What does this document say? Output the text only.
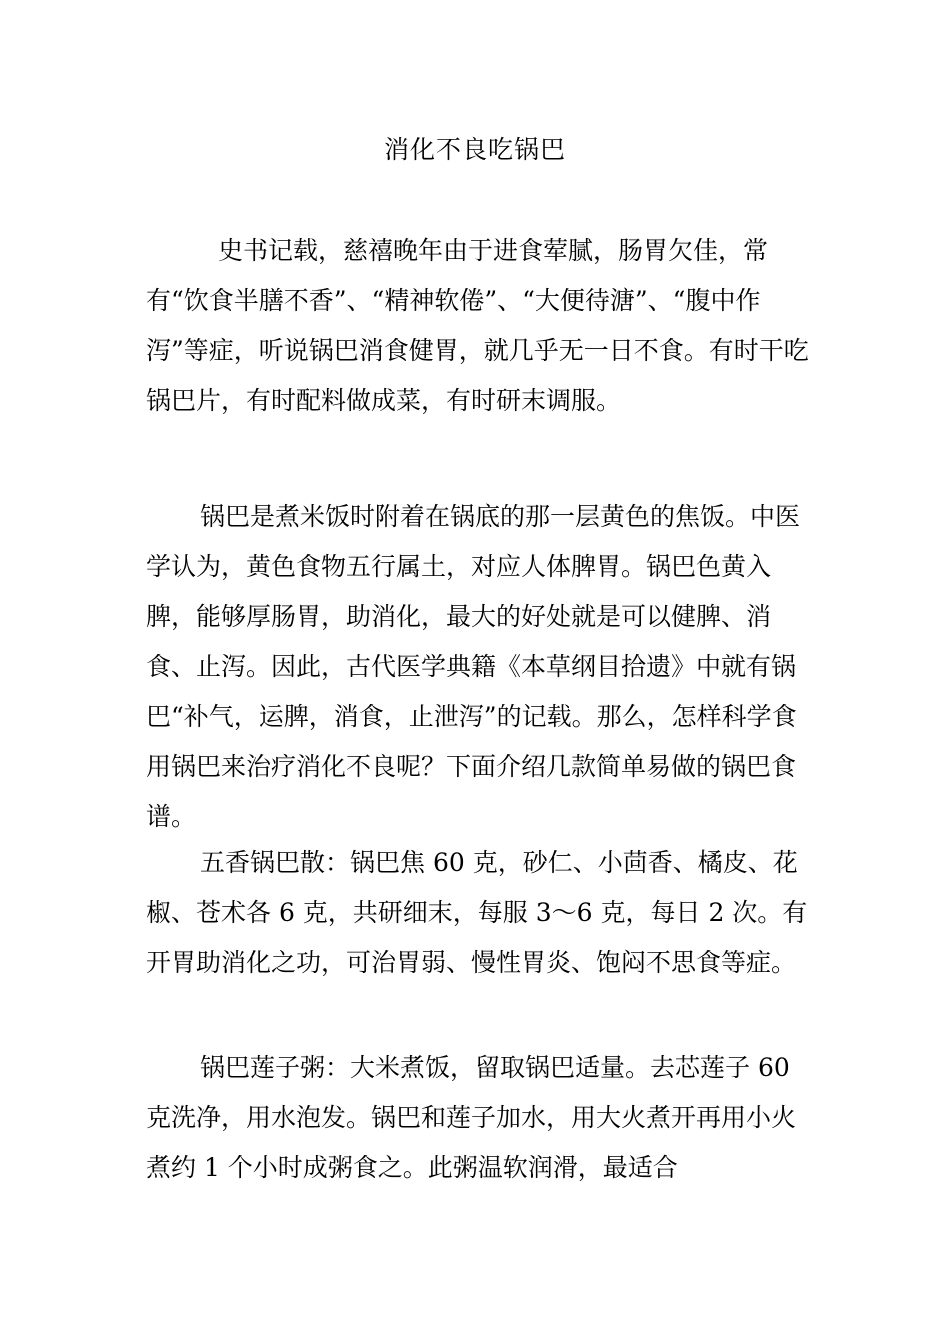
消化不良吃锅巴

史书记载，慈禧晚年由于进食荤腻，肠胃欠佳，常有“饮食半膳不香”、“精神软倦”、“大便待溏”、“腹中作泻”等症，听说锅巴消食健胃，就几乎无一日不食。有时干吃锅巴片，有时配料做成菜，有时研末调服。

锅巴是煮米饭时附着在锅底的那一层黄色的焦饭。中医学认为，黄色食物五行属土，对应人体脾胃。锅巴色黄入脾，能够厚肠胃，助消化，最大的好处就是可以健脾、消食、止泻。因此，古代医学典籍《本草纲目拾遗》中就有锅巴“补气，运脾，消食，止泄泻”的记载。那么，怎样科学食用锅巴来治疗消化不良呢？下面介绍几款简单易做的锅巴食谱。

五香锅巴散：锅巴焦 60 克，砂仁、小茴香、橘皮、花椒、苍术各 6 克，共研细末，每服 3～6 克，每日 2 次。有开胃助消化之功，可治胃弱、慢性胃炎、饱闷不思食等症。

锅巴莲子粥：大米煮饭，留取锅巴适量。去芯莲子 60 克洗净，用水泡发。锅巴和莲子加水，用大火煮开再用小火煮约 1 个小时成粥食之。此粥温软润滑，最适合
